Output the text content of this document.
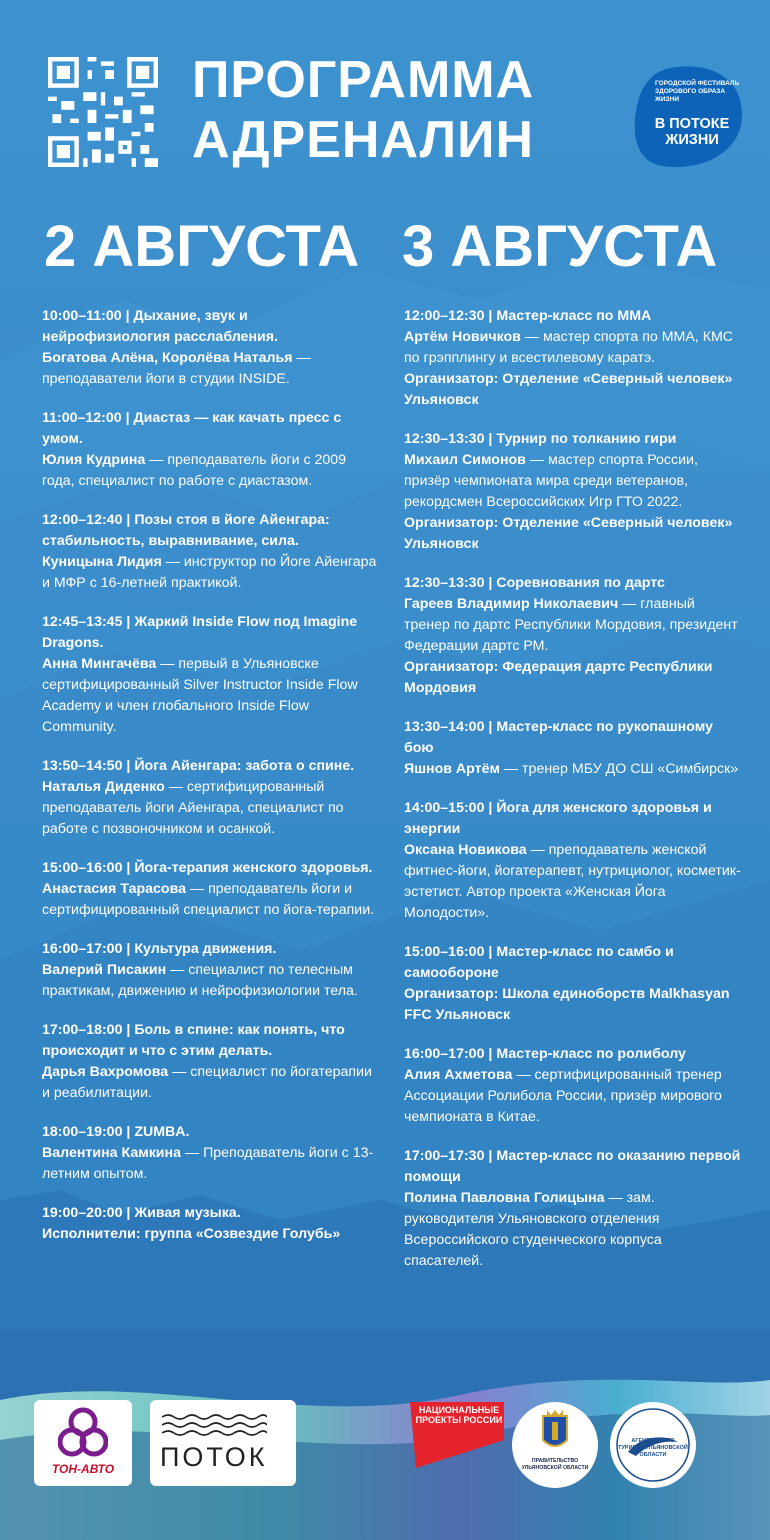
ПРОГРАММА
АДРЕНАЛИН
ГОРОДСКОЙ ФЕСТИВАЛЬ ЗДОРОВОГО ОБРАЗА ЖИЗНИ
В ПОТОКЕ ЖИЗНИ
2 АВГУСТА 3 АВГУСТА
10:00–11:00 | Дыхание, звук и нейрофизиология расслабления.
Богатова Алёна, Королёва Наталья — преподаватели йоги в студии INSIDE.
11:00–12:00 | Диастаз — как качать пресс с умом.
Юлия Кудрина — преподаватель йоги с 2009 года, специалист по работе с диастазом.
12:00–12:40 | Позы стоя в йоге Айенгара: стабильность, выравнивание, сила.
Куницына Лидия — инструктор по Йоге Айенгара и МФР с 16-летней практикой.
12:45–13:45 | Жаркий Inside Flow под Imagine Dragons.
Анна Мингачёва — первый в Ульяновске сертифицированный Silver Instructor Inside Flow Academy и член глобального Inside Flow Community.
13:50–14:50 | Йога Айенгара: забота о спине.
Наталья Диденко — сертифицированный преподаватель йоги Айенгара, специалист по работе с позвоночником и осанкой.
15:00–16:00 | Йога-терапия женского здоровья.
Анастасия Тарасова — преподаватель йоги и сертифицированный специалист по йога-терапии.
16:00–17:00 | Культура движения.
Валерий Писакин — специалист по телесным практикам, движению и нейрофизиологии тела.
17:00–18:00 | Боль в спине: как понять, что происходит и что с этим делать.
Дарья Вахромова — специалист по йогатерапии и реабилитации.
18:00–19:00 | ZUMBA.
Валентина Камкина — Преподаватель йоги с 13-летним опытом.
19:00–20:00 | Живая музыка.
Исполнители: группа «Созвездие Голубь»
12:00–12:30 | Мастер-класс по ММА
Артём Новичков — мастер спорта по ММА, КМС по грэпплингу и всестилевому каратэ.
Организатор: Отделение «Северный человек» Ульяновск
12:30–13:30 | Турнир по толканию гири
Михаил Симонов — мастер спорта России, призёр чемпионата мира среди ветеранов, рекордсмен Всероссийских Игр ГТО 2022.
Организатор: Отделение «Северный человек» Ульяновск
12:30–13:30 | Соревнования по дартс
Гареев Владимир Николаевич — главный тренер по дартс Республики Мордовия, президент Федерации дартс РМ.
Организатор: Федерация дартс Республики Мордовия
13:30–14:00 | Мастер-класс по рукопашному бою
Яшнов Артём — тренер МБУ ДО СШ «Симбирск»
14:00–15:00 | Йога для женского здоровья и энергии
Оксана Новикова — преподаватель женской фитнес-йоги, йогатерапевт, нутрициолог, косметик-эстетист. Автор проекта «Женская Йога Молодости».
15:00–16:00 | Мастер-класс по самбо и самообороне
Организатор: Школа единоборств Malkhasyan FFC Ульяновск
16:00–17:00 | Мастер-класс по ролиболу
Алия Ахметова — сертифицированный тренер Ассоциации Ролибола России, призёр мирового чемпионата в Китае.
17:00–17:30 | Мастер-класс по оказанию первой помощи
Полина Павловна Голицына — зам. руководителя Ульяновского отделения Всероссийского студенческого корпуса спасателей.
ТОН-АВТО	ПОТОК
НАЦИОНАЛЬНЫЕ ПРОЕКТЫ РОССИИ
ПРАВИТЕЛЬСТВО УЛЬЯНОВСКОЙ ОБЛАСТИ
АГЕНТСТВО ПО ТУРИЗМУ УЛЬЯНОВСКОЙ ОБЛАСТИ
